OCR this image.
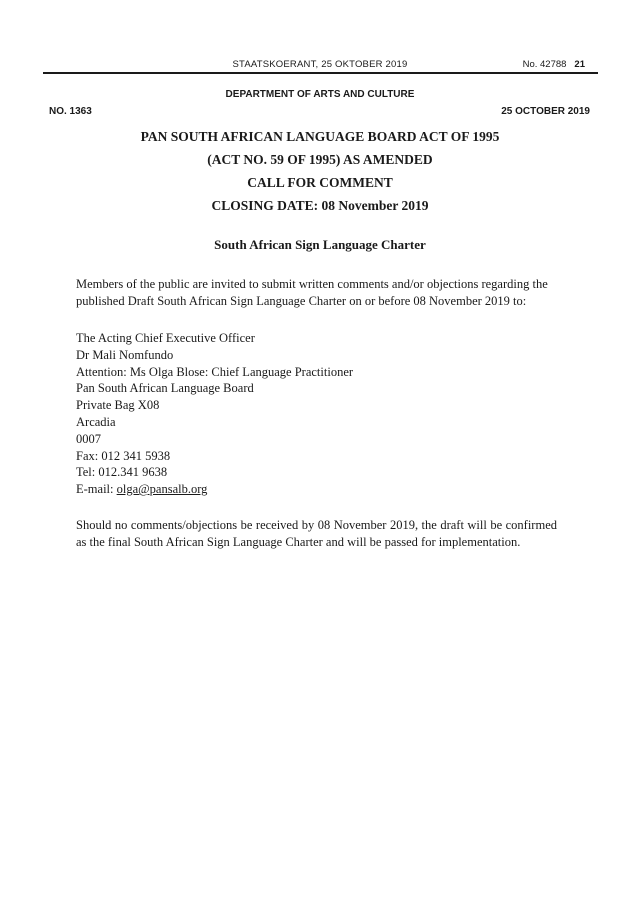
STAATSKOERANT, 25 OKTOBER 2019	No. 42788 21
DEPARTMENT OF ARTS AND CULTURE
NO. 1363	25 OCTOBER 2019
PAN SOUTH AFRICAN LANGUAGE BOARD ACT OF 1995
(ACT NO. 59 OF 1995) AS AMENDED
CALL FOR COMMENT
CLOSING DATE: 08 November 2019
South African Sign Language Charter
Members of the public are invited to submit written comments and/or objections regarding the published Draft South African Sign Language Charter on or before 08 November 2019 to:
The Acting Chief Executive Officer
Dr Mali Nomfundo
Attention: Ms Olga Blose: Chief Language Practitioner
Pan South African Language Board
Private Bag X08
Arcadia
0007
Fax: 012 341 5938
Tel: 012.341 9638
E-mail: olga@pansalb.org
Should no comments/objections be received by 08 November 2019, the draft will be confirmed as the final South African Sign Language Charter and will be passed for implementation.
